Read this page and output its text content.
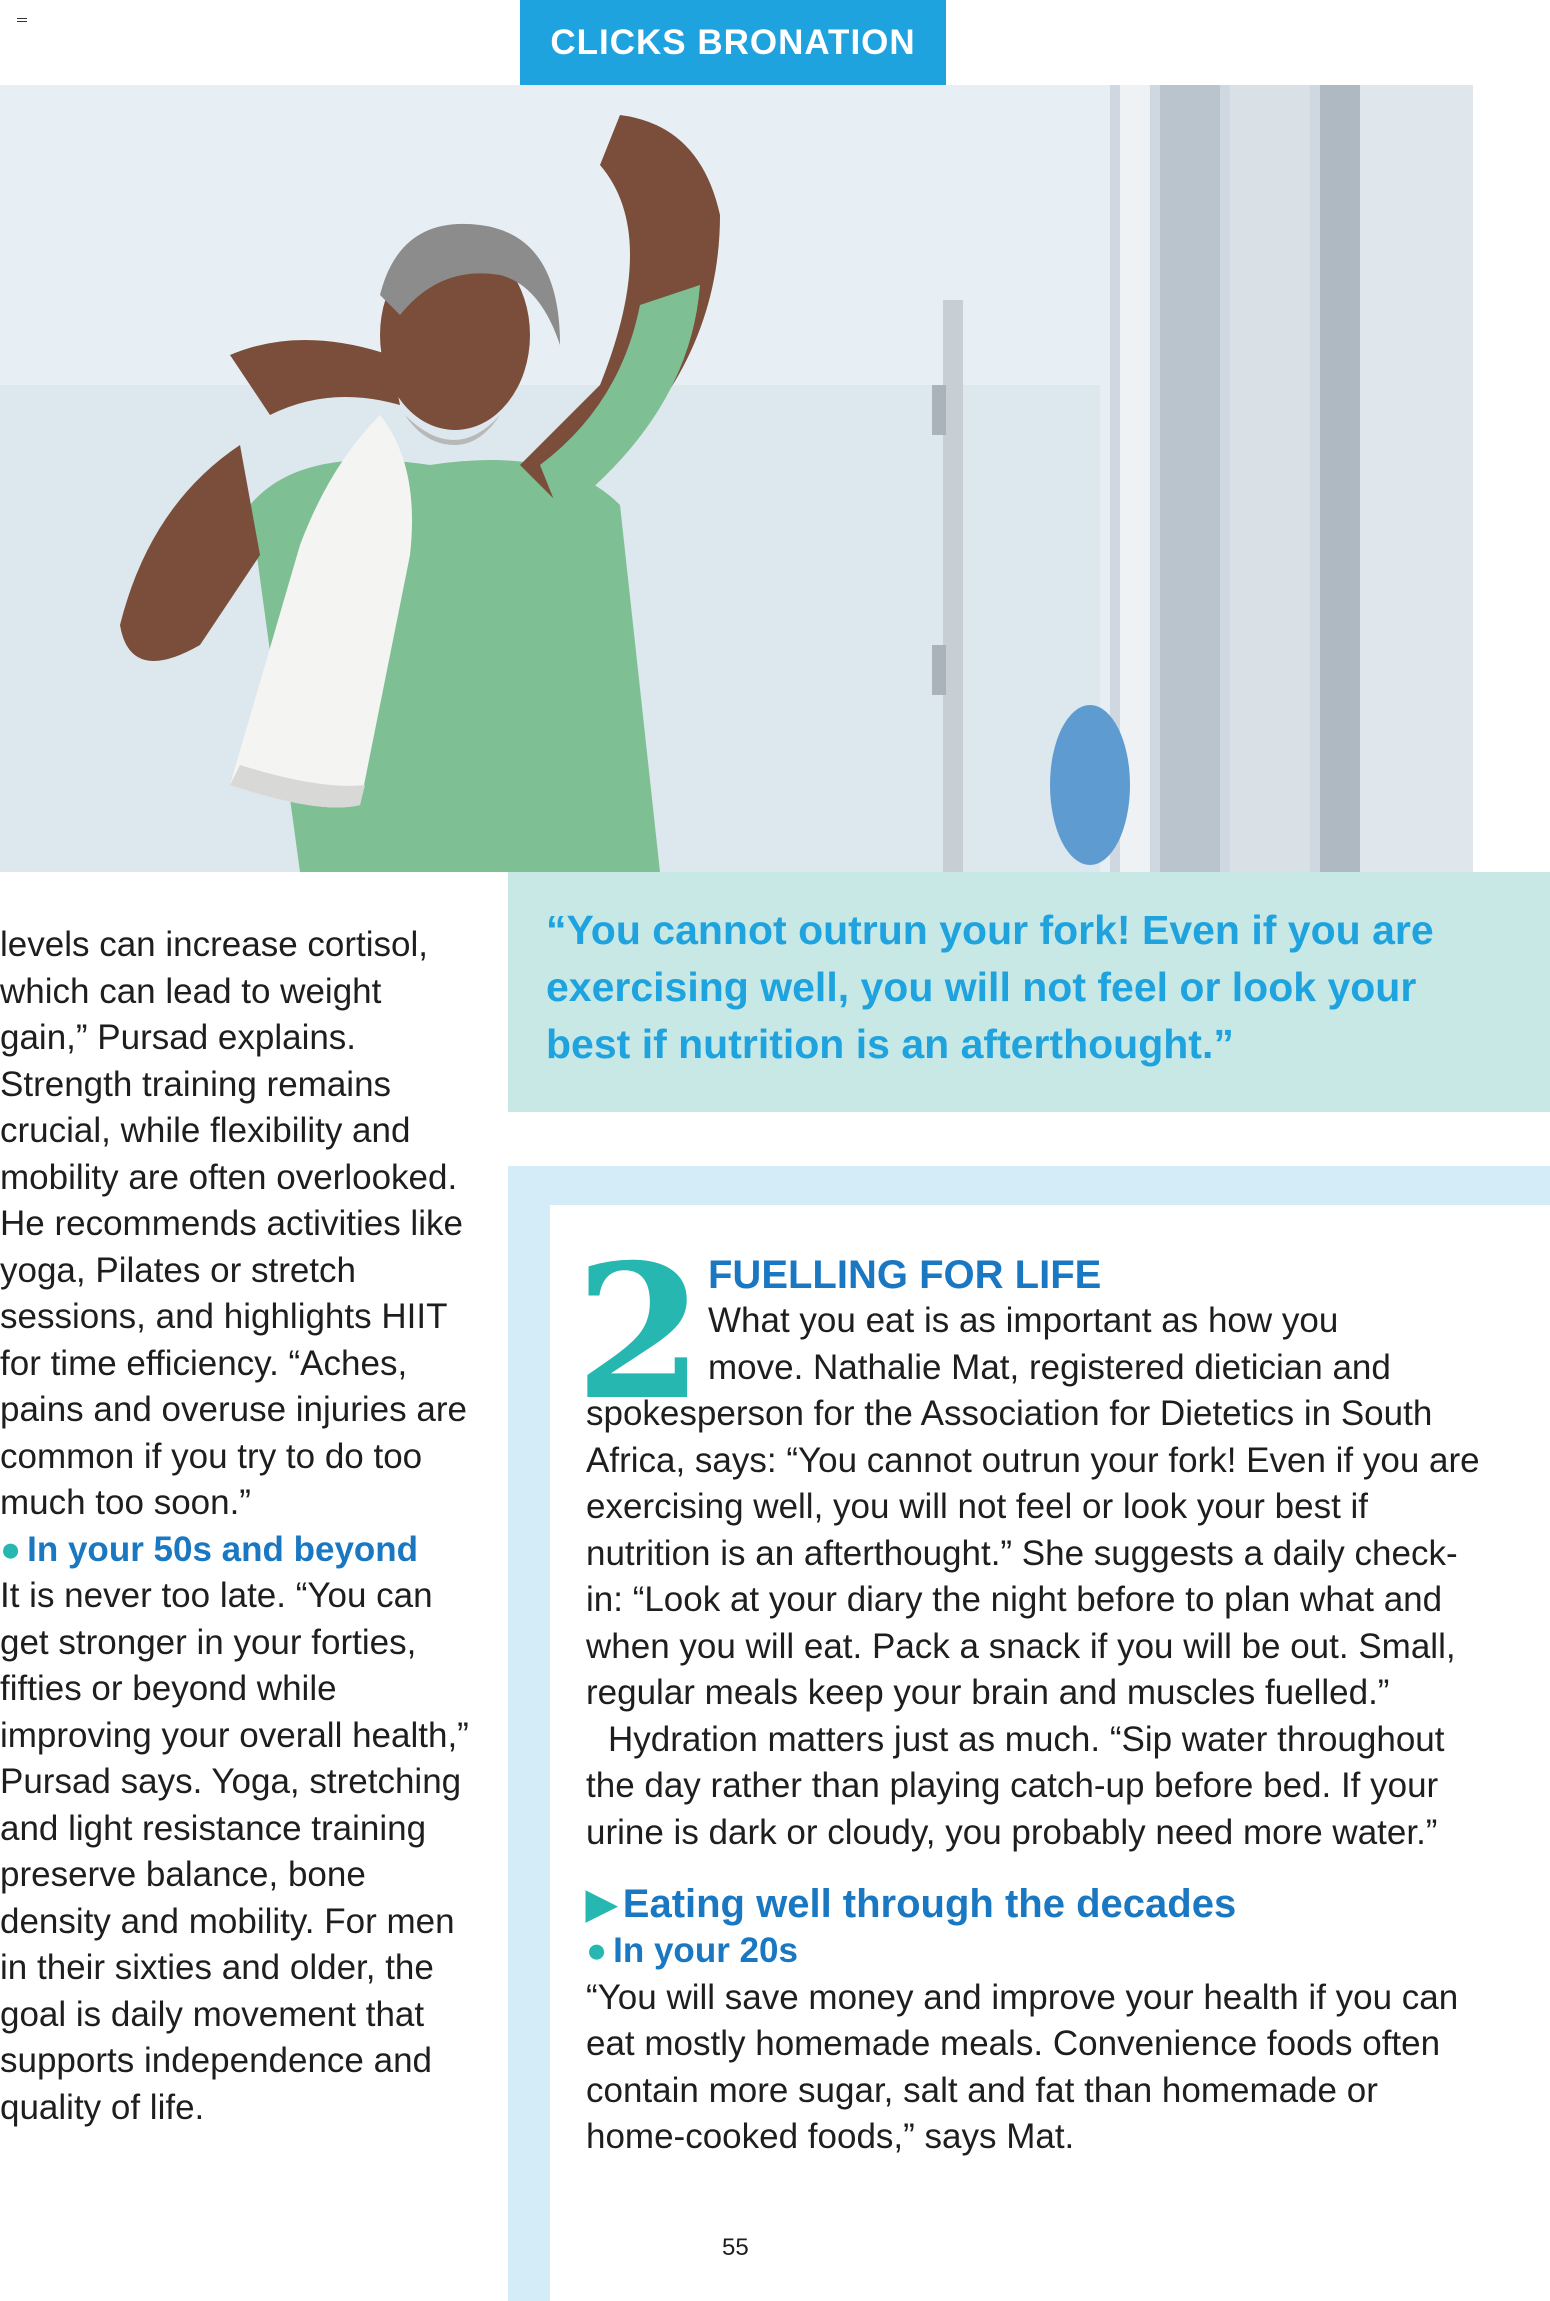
CLICKS BRONATION

levels can increase cortisol, which can lead to weight gain,” Pursad explains. Strength training remains crucial, while flexibility and mobility are often overlooked. He recommends activities like yoga, Pilates or stretch sessions, and highlights HIIT for time efficiency. “Aches, pains and overuse injuries are common if you try to do too much too soon.”

● In your 50s and beyond

It is never too late. “You can get stronger in your forties, fifties or beyond while improving your overall health,” Pursad says. Yoga, stretching and light resistance training preserve balance, bone density and mobility. For men in their sixties and older, the goal is daily movement that supports independence and quality of life.

“You cannot outrun your fork! Even if you are exercising well, you will not feel or look your best if nutrition is an afterthought.”

2 FUELLING FOR LIFE
What you eat is as important as how you
move. Nathalie Mat, registered dietician and
spokesperson for the Association for Dietetics in South Africa, says: “You cannot outrun your fork! Even if you are exercising well, you will not feel or look your best if nutrition is an afterthought.” She suggests a daily check-in: “Look at your diary the night before to plan what and when you will eat. Pack a snack if you will be out. Small, regular meals keep your brain and muscles fuelled.”
Hydration matters just as much. “Sip water throughout the day rather than playing catch-up before bed. If your urine is dark or cloudy, you probably need more water.”
▶ Eating well through the decades
● In your 20s
“You will save money and improve your health if you can eat mostly homemade meals. Convenience foods often contain more sugar, salt and fat than homemade or home-cooked foods,” says Mat.
55
